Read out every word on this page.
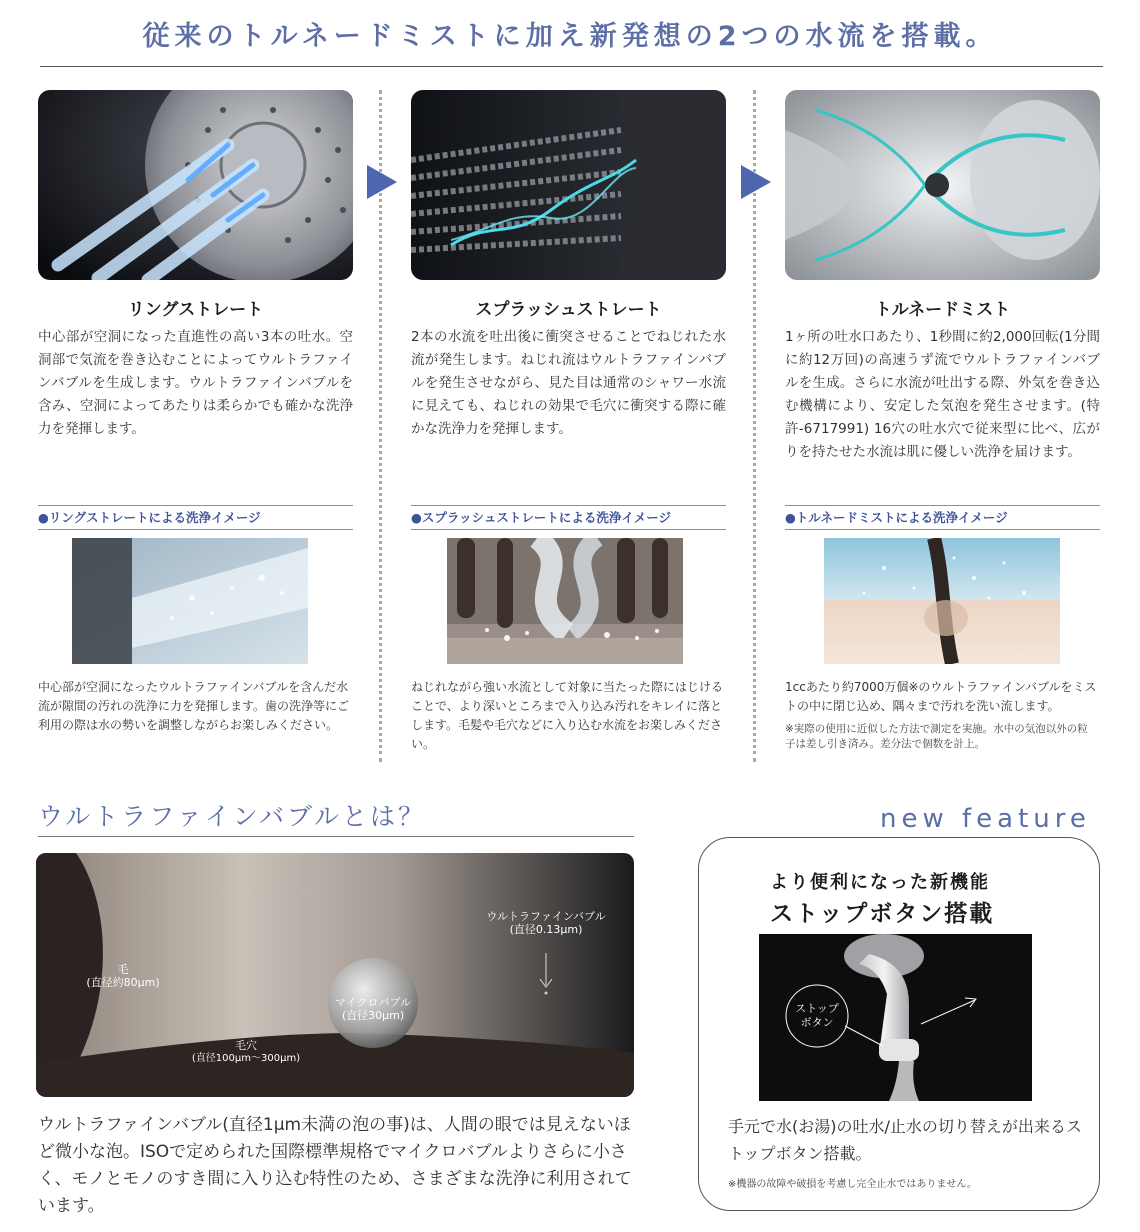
従来のトルネードミストに加え新発想の2つの水流を搭載。
リングストレート
中心部が空洞になった直進性の高い3本の吐水。空洞部で気流を巻き込むことによってウルトラファインバブルを生成します。ウルトラファインバブルを含み、空洞によってあたりは柔らかでも確かな洗浄力を発揮します。
●リングストレートによる洗浄イメージ
中心部が空洞になったウルトラファインバブルを含んだ水流が隙間の汚れの洗浄に力を発揮します。歯の洗浄等にご利用の際は水の勢いを調整しながらお楽しみください。
スプラッシュストレート
2本の水流を吐出後に衝突させることでねじれた水流が発生します。ねじれ流はウルトラファインバブルを発生させながら、見た目は通常のシャワー水流に見えても、ねじれの効果で毛穴に衝突する際に確かな洗浄力を発揮します。
●スプラッシュストレートによる洗浄イメージ
ねじれながら強い水流として対象に当たった際にはじけることで、より深いところまで入り込み汚れをキレイに落とします。毛髪や毛穴などに入り込む水流をお楽しみください。
トルネードミスト
1ヶ所の吐水口あたり、1秒間に約2,000回転(1分間に約12万回)の高速うず流でウルトラファインバブルを生成。さらに水流が吐出する際、外気を巻き込む機構により、安定した気泡を発生させます。(特許-6717991) 16穴の吐水穴で従来型に比べ、広がりを持たせた水流は肌に優しい洗浄を届けます。
●トルネードミストによる洗浄イメージ
1ccあたり約7000万個※のウルトラファインバブルをミストの中に閉じ込め、隅々まで汚れを洗い流します。
※実際の使用に近似した方法で測定を実施。水中の気泡以外の粒子は差し引き済み。差分法で個数を計上。
ウルトラファインバブルとは？
毛
(直径約80μm)
毛穴
(直径100μm〜300μm)
マイクロバブル
(直径30μm)
ウルトラファインバブル
(直径0.13μm)
ウルトラファインバブル(直径1μm未満の泡の事)は、人間の眼では見えないほど微小な泡。ISOで定められた国際標準規格でマイクロバブルよりさらに小さく、モノとモノのすき間に入り込む特性のため、さまざまな洗浄に利用されています。
new feature
より便利になった新機能
ストップボタン搭載
ストップ
ボタン
手元で水(お湯)の吐水/止水の切り替えが出来るストップボタン搭載。
※機器の故障や破損を考慮し完全止水ではありません。
